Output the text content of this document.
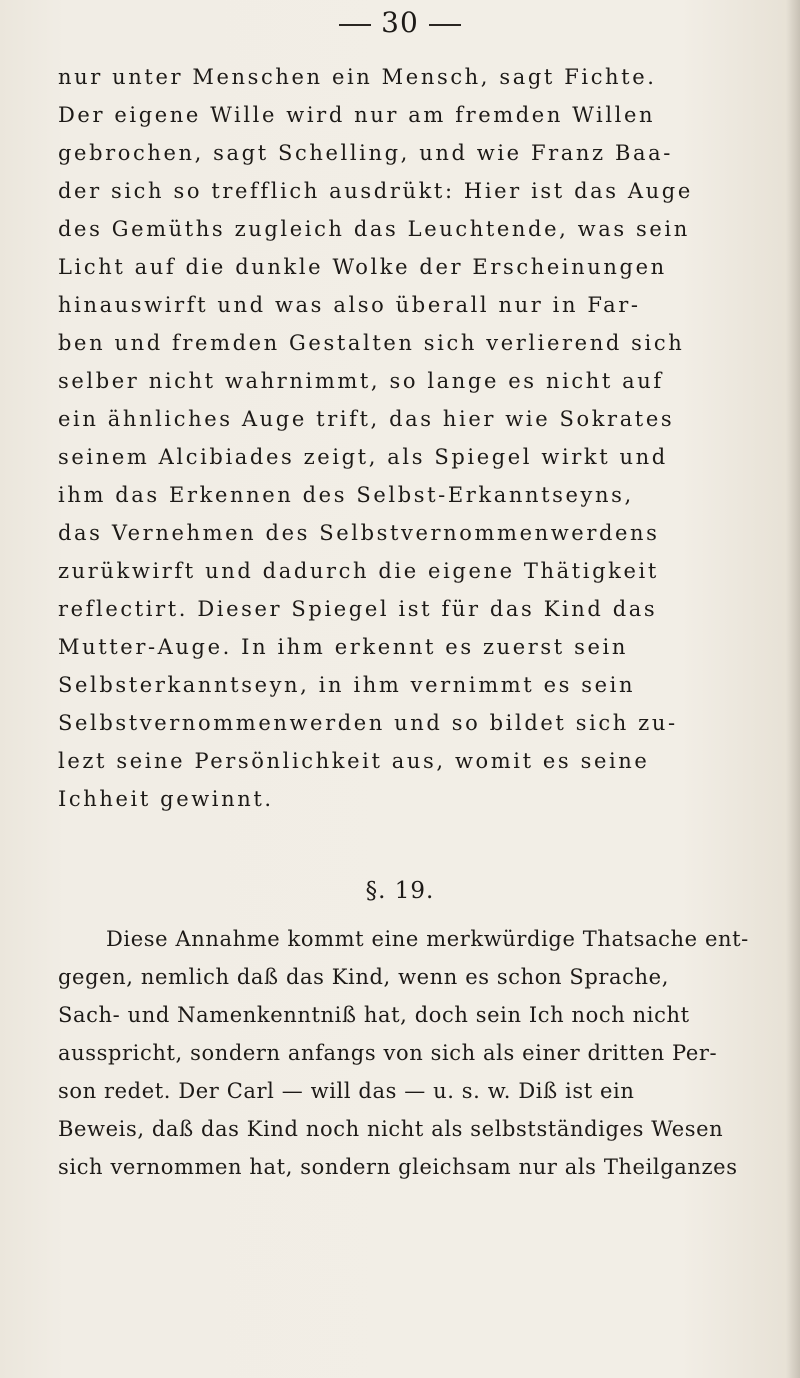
30
nur unter Menschen ein Mensch, sagt Fichte.
Der eigene Wille wird nur am fremden Willen
gebrochen, sagt Schelling, und wie Franz Baa-
der sich so trefflich ausdrükt: Hier ist das Auge
des Gemüths zugleich das Leuchtende, was sein
Licht auf die dunkle Wolke der Erscheinungen
hinauswirft und was also überall nur in Far-
ben und fremden Gestalten sich verlierend sich
selber nicht wahrnimmt, so lange es nicht auf
ein ähnliches Auge trift, das hier wie Sokrates
seinem Alcibiades zeigt, als Spiegel wirkt und
ihm das Erkennen des Selbst-Erkanntseyns,
das Vernehmen des Selbstvernommenwerdens
zurükwirft und dadurch die eigene Thätigkeit
reflectirt. Dieser Spiegel ist für das Kind das
Mutter-Auge. In ihm erkennt es zuerst sein
Selbsterkanntseyn, in ihm vernimmt es sein
Selbstvernommenwerden und so bildet sich zu-
lezt seine Persönlichkeit aus, womit es seine
Ichheit gewinnt.
§. 19.
Diese Annahme kommt eine merkwürdige Thatsache ent-
gegen, nemlich daß das Kind, wenn es schon Sprache,
Sach- und Namenkenntniß hat, doch sein Ich noch nicht
ausspricht, sondern anfangs von sich als einer dritten Per-
son redet. Der Carl — will das — u. s. w. Diß ist ein
Beweis, daß das Kind noch nicht als selbstständiges Wesen
sich vernommen hat, sondern gleichsam nur als Theilganzes
